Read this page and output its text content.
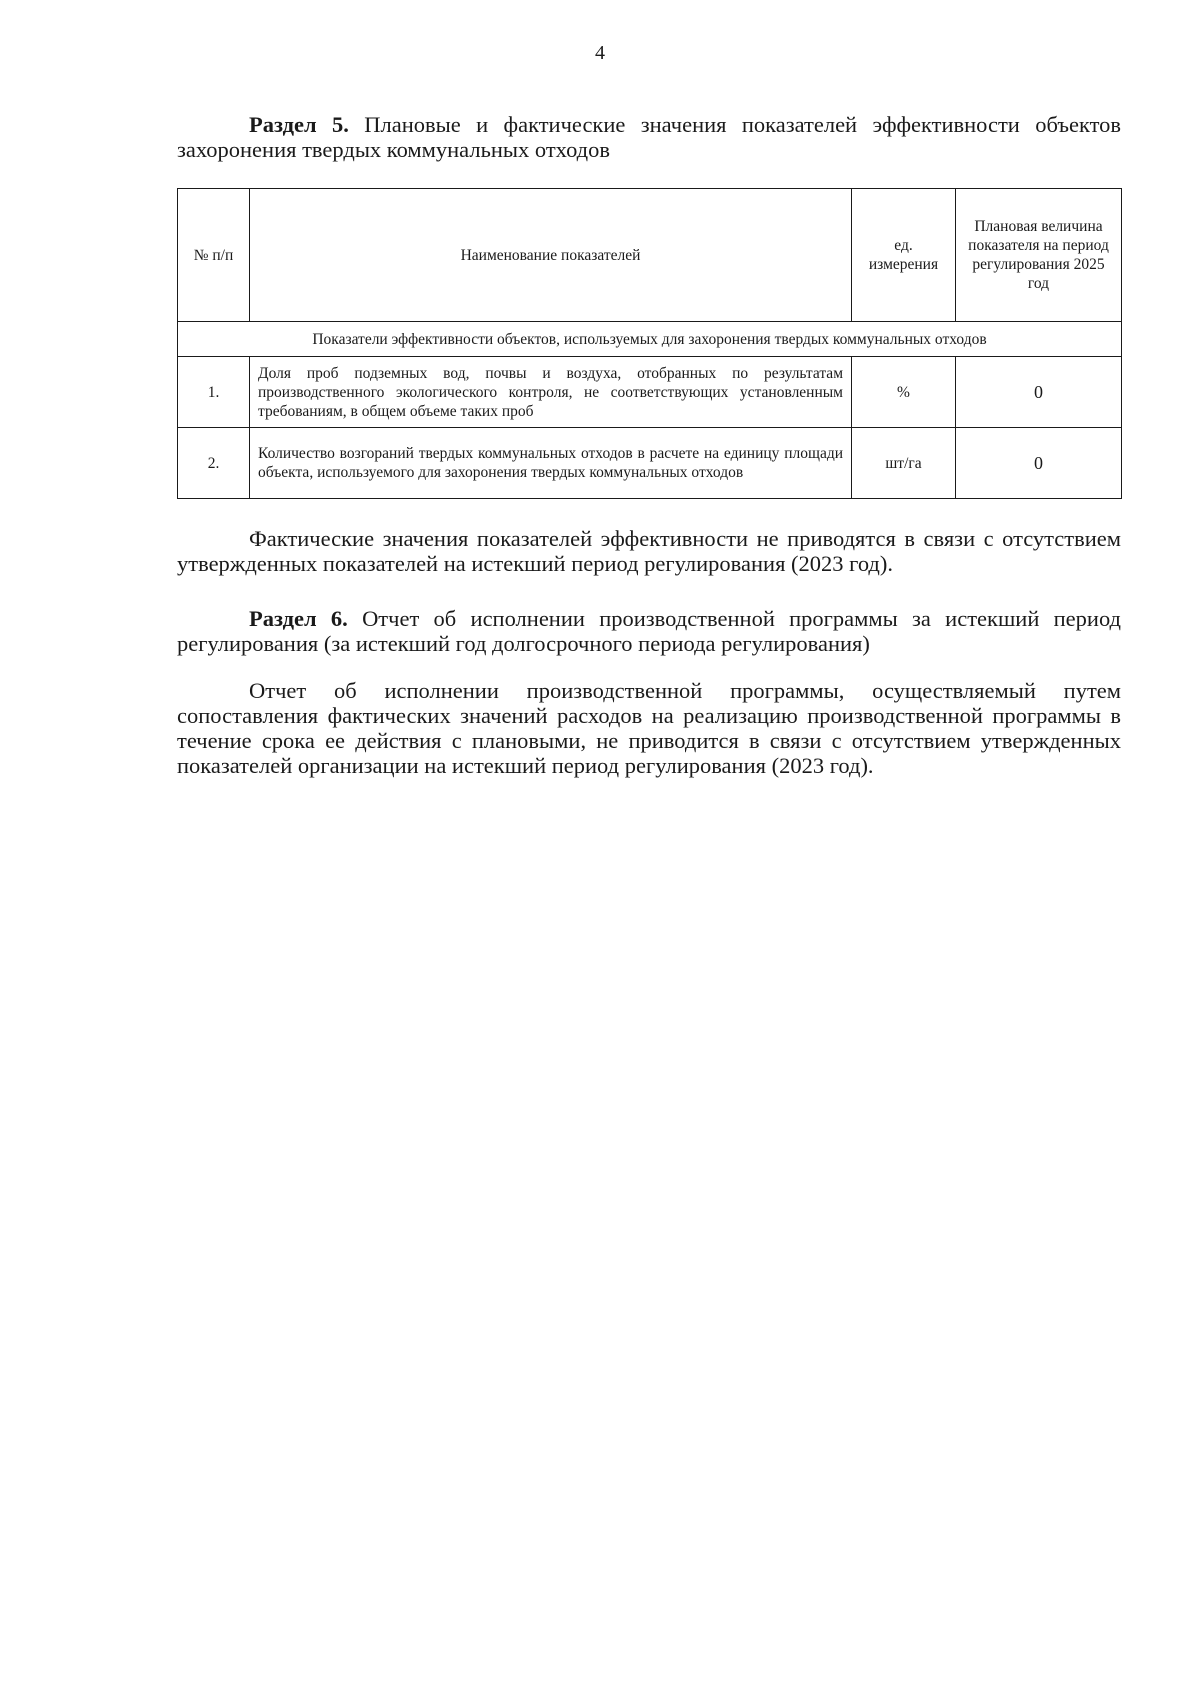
4
Раздел 5. Плановые и фактические значения показателей эффективности объектов захоронения твердых коммунальных отходов
№ п/п	Наименование показателей	ед. измерения	Плановая величина показателя на период регулирования 2025 год
Показатели эффективности объектов, используемых для захоронения твердых коммунальных отходов			
1.	Доля проб подземных вод, почвы и воздуха, отобранных по результатам производственного экологического контроля, не соответствующих установленным требованиям, в общем объеме таких проб	%	0
2.	Количество возгораний твердых коммунальных отходов в расчете на единицу площади объекта, используемого для захоронения твердых коммунальных отходов	шт/га	0
Фактические значения показателей эффективности не приводятся в связи с отсутствием утвержденных показателей на истекший период регулирования (2023 год).
Раздел 6. Отчет об исполнении производственной программы за истекший период регулирования (за истекший год долгосрочного периода регулирования)
Отчет об исполнении производственной программы, осуществляемый путем сопоставления фактических значений расходов на реализацию производственной программы в течение срока ее действия с плановыми, не приводится в связи с отсутствием утвержденных показателей организации на истекший период регулирования (2023 год).
